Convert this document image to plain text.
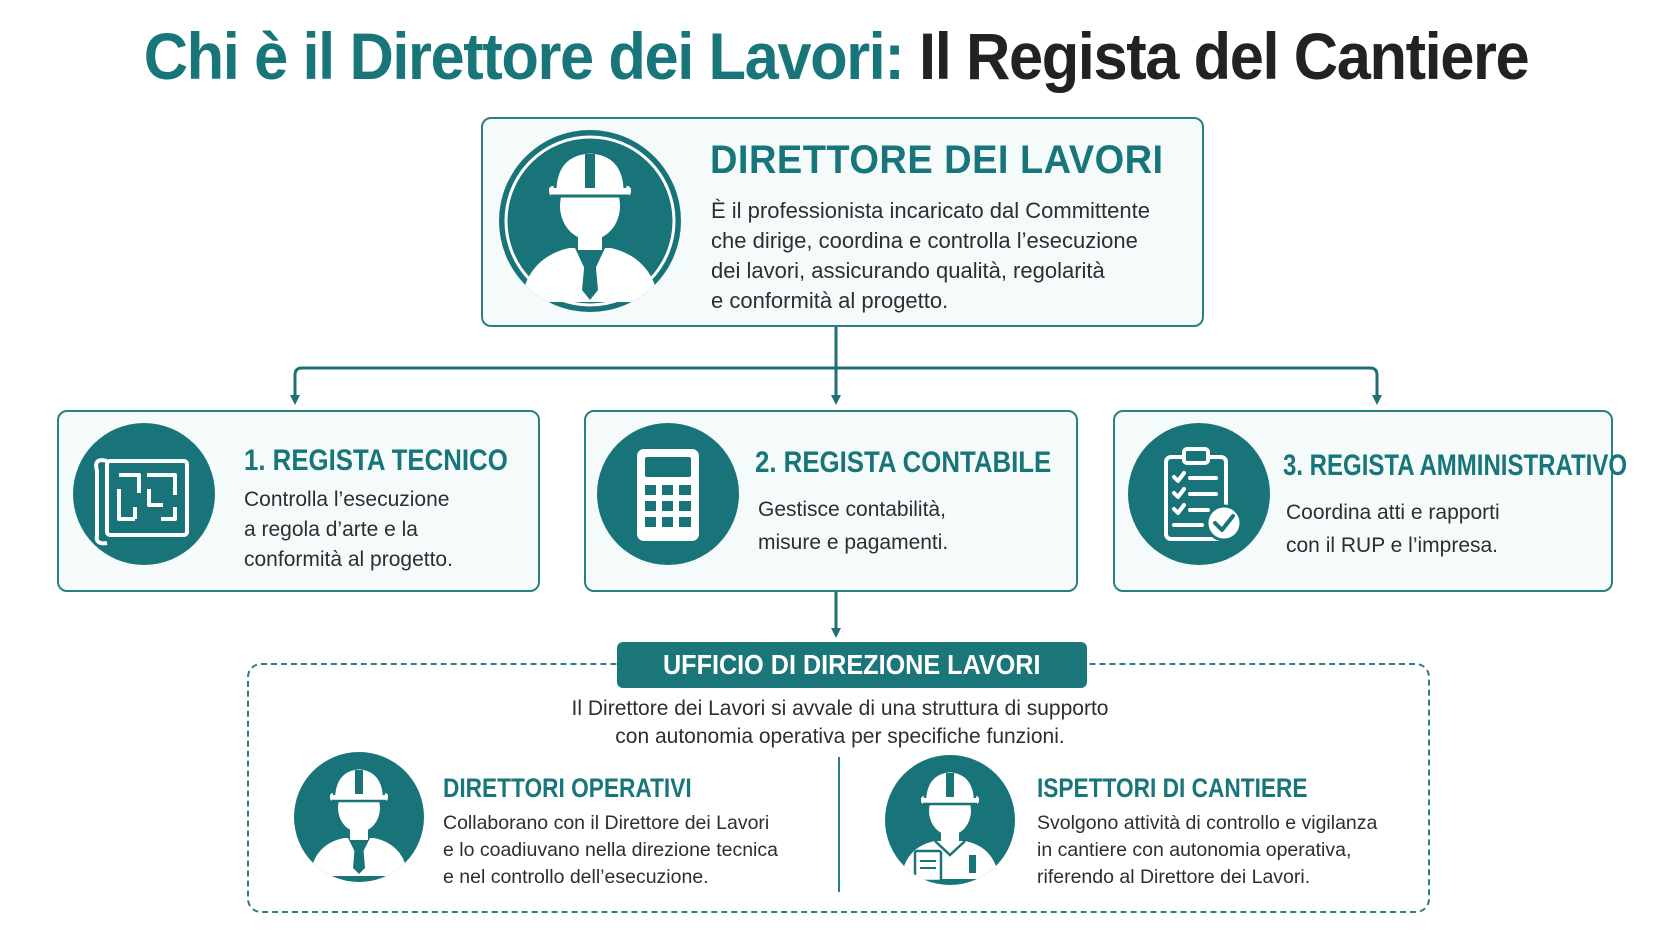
Chi è il Direttore dei Lavori: Il Regista del Cantiere
DIRETTORE DEI LAVORI
È il professionista incaricato dal Committente
che dirige, coordina e controlla l’esecuzione
dei lavori, assicurando qualità, regolarità
e conformità al progetto.
1. REGISTA TECNICO
Controlla l’esecuzione
a regola d’arte e la
conformità al progetto.
2. REGISTA CONTABILE
Gestisce contabilità,
misure e pagamenti.
3. REGISTA AMMINISTRATIVO
Coordina atti e rapporti
con il RUP e l’impresa.
UFFICIO DI DIREZIONE LAVORI
Il Direttore dei Lavori si avvale di una struttura di supporto
con autonomia operativa per specifiche funzioni.
DIRETTORI OPERATIVI
Collaborano con il Direttore dei Lavori
e lo coadiuvano nella direzione tecnica
e nel controllo dell’esecuzione.
ISPETTORI DI CANTIERE
Svolgono attività di controllo e vigilanza
in cantiere con autonomia operativa,
riferendo al Direttore dei Lavori.
